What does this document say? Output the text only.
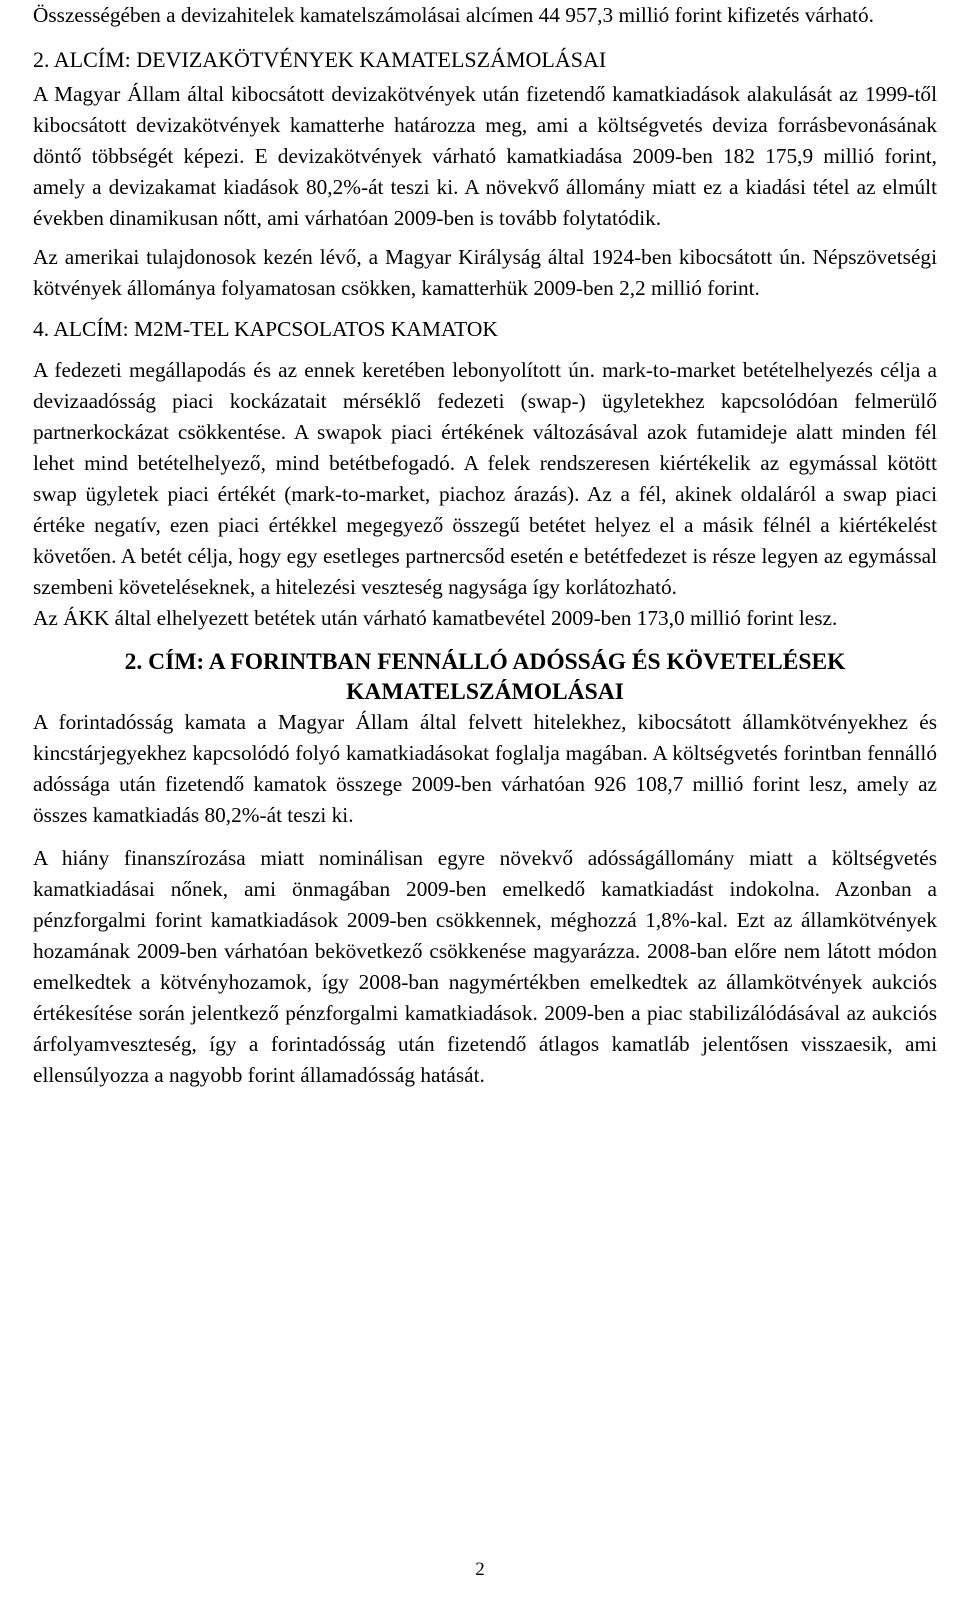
Összességében a devizahitelek kamatelszámolásai alcímen 44 957,3 millió forint kifizetés várható.

2. ALCÍM: DEVIZAKÖTVÉNYEK KAMATELSZÁMOLÁSAI

A Magyar Állam által kibocsátott devizakötvények után fizetendő kamatkiadások alakulását az 1999-től kibocsátott devizakötvények kamatterhe határozza meg, ami a költségvetés deviza forrásbevonásának döntő többségét képezi. E devizakötvények várható kamatkiadása 2009-ben 182 175,9 millió forint, amely a devizakamat kiadások 80,2%-át teszi ki. A növekvő állomány miatt ez a kiadási tétel az elmúlt években dinamikusan nőtt, ami várhatóan 2009-ben is tovább folytatódik.

Az amerikai tulajdonosok kezén lévő, a Magyar Királyság által 1924-ben kibocsátott ún. Népszövetségi kötvények állománya folyamatosan csökken, kamatterhük 2009-ben 2,2 millió forint.

4. ALCÍM: M2M-TEL KAPCSOLATOS KAMATOK

A fedezeti megállapodás és az ennek keretében lebonyolított ún. mark-to-market betételhelyezés célja a devizaadósság piaci kockázatait mérséklő fedezeti (swap-) ügyletekhez kapcsolódóan felmerülő partnerkockázat csökkentése. A swapok piaci értékének változásával azok futamideje alatt minden fél lehet mind betételhelyező, mind betétbefogadó. A felek rendszeresen kiértékelik az egymással kötött swap ügyletek piaci értékét (mark-to-market, piachoz árazás). Az a fél, akinek oldaláról a swap piaci értéke negatív, ezen piaci értékkel megegyező összegű betétet helyez el a másik félnél a kiértékelést követően. A betét célja, hogy egy esetleges partnercsőd esetén e betétfedezet is része legyen az egymással szembeni követeléseknek, a hitelezési veszteség nagysága így korlátozható.

Az ÁKK által elhelyezett betétek után várható kamatbevétel 2009-ben 173,0 millió forint lesz.

2. CÍM: A FORINTBAN FENNÁLLÓ ADÓSSÁG ÉS KÖVETELÉSEK

KAMATELSZÁMOLÁSAI

A forintadósság kamata a Magyar Állam által felvett hitelekhez, kibocsátott államkötvényekhez és kincstárjegyekhez kapcsolódó folyó kamatkiadásokat foglalja magában. A költségvetés forintban fennálló adóssága után fizetendő kamatok összege 2009-ben várhatóan 926 108,7 millió forint lesz, amely az összes kamatkiadás 80,2%-át teszi ki.

A hiány finanszírozása miatt nominálisan egyre növekvő adósságállomány miatt a költségvetés kamatkiadásai nőnek, ami önmagában 2009-ben emelkedő kamatkiadást indokolna. Azonban a pénzforgalmi forint kamatkiadások 2009-ben csökkennek, méghozzá 1,8%-kal. Ezt az államkötvények hozamának 2009-ben várhatóan bekövetkező csökkenése magyarázza. 2008-ban előre nem látott módon emelkedtek a kötvényhozamok, így 2008-ban nagymértékben emelkedtek az államkötvények aukciós értékesítése során jelentkező pénzforgalmi kamatkiadások. 2009-ben a piac stabilizálódásával az aukciós árfolyamveszteség, így a forintadósság után fizetendő átlagos kamatláb jelentősen visszaesik, ami ellensúlyozza a nagyobb forint államadósság hatását.

2
